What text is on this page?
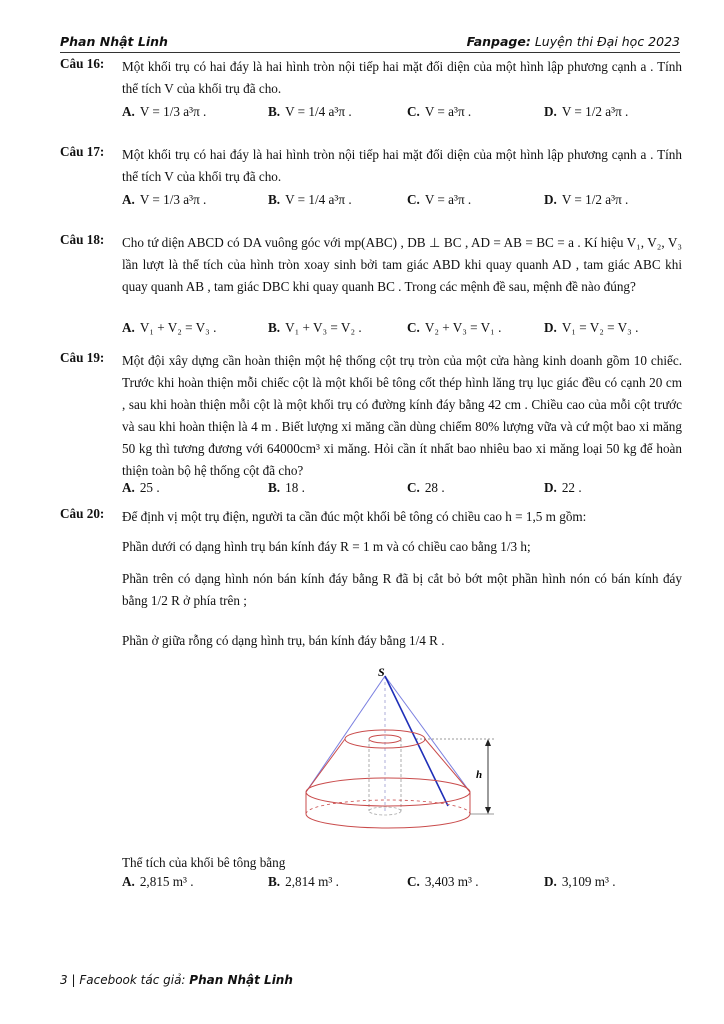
Phan Nhật Linh	Fanpage: Luyện thi Đại học 2023
Câu 16: Một khối trụ có hai đáy là hai hình tròn nội tiếp hai mặt đối diện của một hình lập phương cạnh a . Tính thể tích V của khối trụ đã cho.
A. V = 1/3 a³π .	B. V = 1/4 a³π .	C. V = a³π .	D. V = 1/2 a³π .
Câu 17: Một khối trụ có hai đáy là hai hình tròn nội tiếp hai mặt đối diện của một hình lập phương cạnh a . Tính thể tích V của khối trụ đã cho.
A. V = 1/3 a³π .	B. V = 1/4 a³π .	C. V = a³π .	D. V = 1/2 a³π .
Câu 18: Cho tứ diện ABCD có DA vuông góc với mp(ABC) , DB ⊥ BC , AD = AB = BC = a . Kí hiệu V₁, V₂, V₃ lần lượt là thể tích của hình tròn xoay sinh bởi tam giác ABD khi quay quanh AD , tam giác ABC khi quay quanh AB , tam giác DBC khi quay quanh BC . Trong các mệnh đề sau, mệnh đề nào đúng?
A. V₁ + V₂ = V₃ .	B. V₁ + V₃ = V₂ .	C. V₂ + V₃ = V₁ .	D. V₁ = V₂ = V₃ .
Câu 19: Một đội xây dựng cần hoàn thiện một hệ thống cột trụ tròn của một cửa hàng kinh doanh gồm 10 chiếc. Trước khi hoàn thiện mỗi chiếc cột là một khối bê tông cốt thép hình lăng trụ lục giác đều có cạnh 20 cm , sau khi hoàn thiện mỗi cột là một khối trụ có đường kính đáy bằng 42 cm . Chiều cao của mỗi cột trước và sau khi hoàn thiện là 4 m . Biết lượng xi măng cần dùng chiếm 80% lượng vữa và cứ một bao xi măng 50 kg thì tương đương với 64000cm³ xi măng. Hỏi cần ít nhất bao nhiêu bao xi măng loại 50 kg để hoàn thiện toàn bộ hệ thống cột đã cho?
A. 25 .	B. 18 .	C. 28 .	D. 22 .
Câu 20: Để định vị một trụ điện, người ta cần đúc một khối bê tông có chiều cao h = 1,5 m gồm:
Phần dưới có dạng hình trụ bán kính đáy R = 1 m và có chiều cao bằng 1/3 h;
Phần trên có dạng hình nón bán kính đáy bằng R đã bị cắt bỏ bớt một phần hình nón có bán kính đáy bằng 1/2 R ở phía trên ;
Phần ở giữa rỗng có dạng hình trụ, bán kính đáy bằng 1/4 R .
Thể tích của khối bê tông bằng
A. 2,815 m³ .	B. 2,814 m³ .	C. 3,403 m³ .	D. 3,109 m³ .
h
S
3 | Facebook tác giả: Phan Nhật Linh
